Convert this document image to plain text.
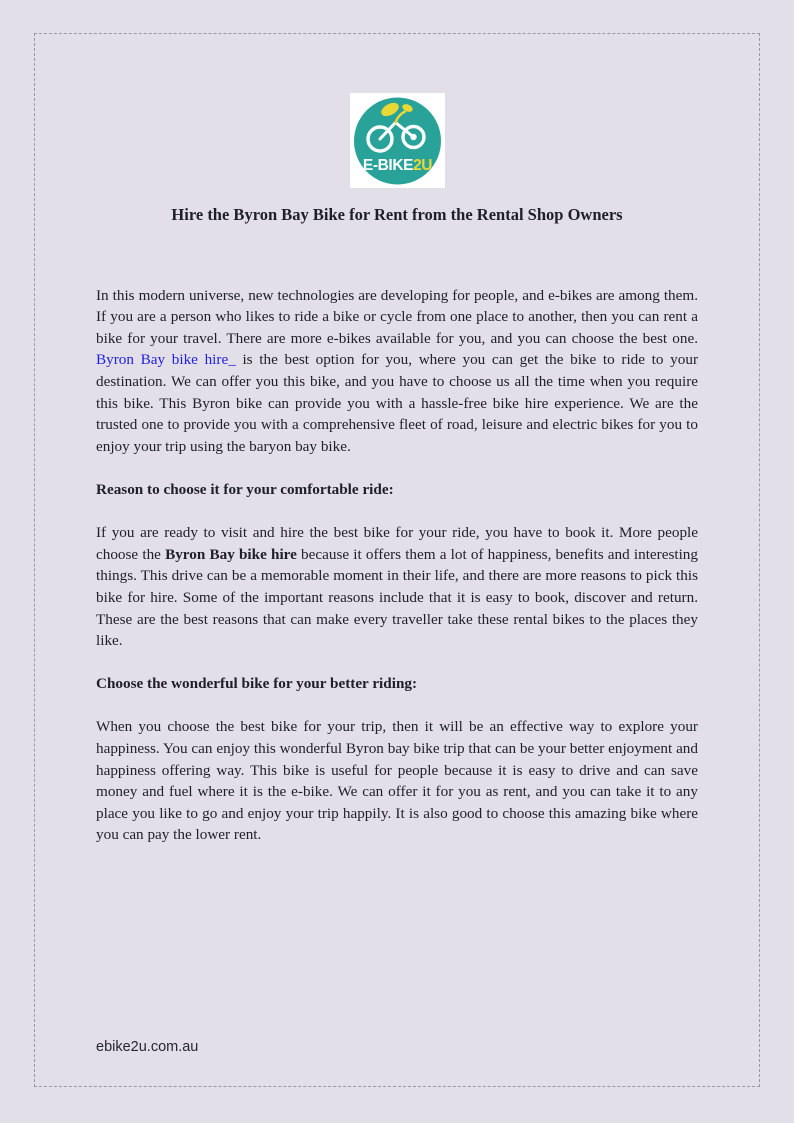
E-BIKE2U
Hire the Byron Bay Bike for Rent from the Rental Shop Owners

In this modern universe, new technologies are developing for people, and e-bikes are among them. If you are a person who likes to ride a bike or cycle from one place to another, then you can rent a bike for your travel. There are more e-bikes available for you, and you can choose the best one. Byron Bay bike hire_ is the best option for you, where you can get the bike to ride to your destination. We can offer you this bike, and you have to choose us all the time when you require this bike. This Byron bike can provide you with a hassle-free bike hire experience. We are the trusted one to provide you with a comprehensive fleet of road, leisure and electric bikes for you to enjoy your trip using the baryon bay bike.

Reason to choose it for your comfortable ride:

If you are ready to visit and hire the best bike for your ride, you have to book it. More people choose the Byron Bay bike hire because it offers them a lot of happiness, benefits and interesting things. This drive can be a memorable moment in their life, and there are more reasons to pick this bike for hire. Some of the important reasons include that it is easy to book, discover and return. These are the best reasons that can make every traveller take these rental bikes to the places they like.

Choose the wonderful bike for your better riding:

When you choose the best bike for your trip, then it will be an effective way to explore your happiness. You can enjoy this wonderful Byron bay bike trip that can be your better enjoyment and happiness offering way. This bike is useful for people because it is easy to drive and can save money and fuel where it is the e-bike. We can offer it for you as rent, and you can take it to any place you like to go and enjoy your trip happily. It is also good to choose this amazing bike where you can pay the lower rent.

ebike2u.com.au
